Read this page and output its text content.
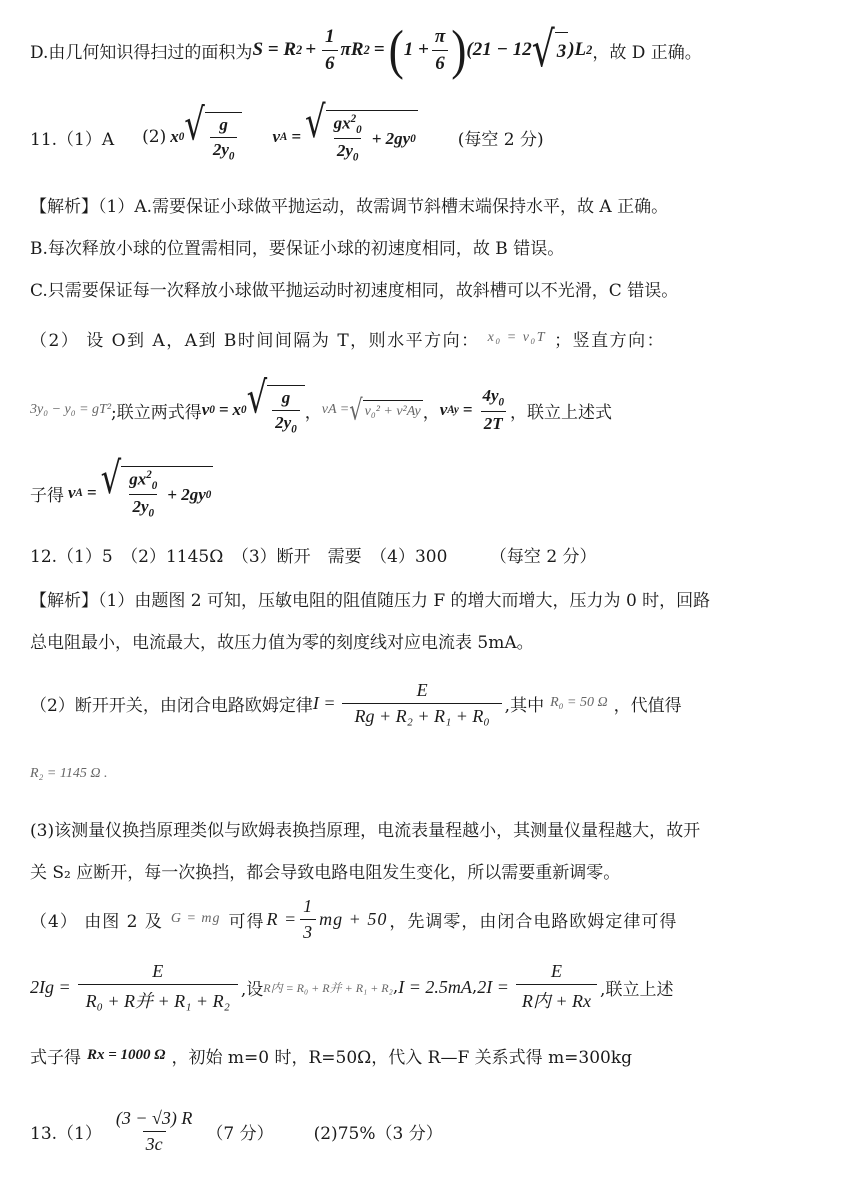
D.由几何知识得扫过的面积为 S = R $2 + \frac{1}{6}$ πR 2 = ( $1 + \frac{\pi}{6}$ ) (21 − 12 √ 3 )L 2 ，故 D 正确。
11.（1）A (2) x 0 √ $\frac{g}{2y_0}$ v A = √ $\frac{gx^2_0}{2y_0} + 2gy$ 0 (每空 2 分)
【解析】（1）A.需要保证小球做平抛运动，故需调节斜槽末端保持水平，故 A 正确。
B.每次释放小球的位置需相同，要保证小球的初速度相同，故 B 错误。
C.只需要保证每一次释放小球做平抛运动时初速度相同，故斜槽可以不光滑，C 错误。
（2） 设 O到 A，A到 B时间间隔为 T，则水平方向： x₀ = v₀T ；竖直方向：
3y₀ − y₀ = gT² ;联立两式得 v 0 = x 0 √ $\frac{g}{2y_0}$ ， vA = √ v₀² + v²Ay ， v $Ay = \frac{4y_0}{2T}$ ，联立上述式
子得 v A = √ $\frac{gx^2_0}{2y_0} + 2gy$ 0
12.（1）5　（2）1145Ω　（3）断开　需要　（4）300　　　（每空 2 分）
【解析】（1）由题图 2 可知，压敏电阻的阻值随压力 F 的增大而增大，压力为 0 时，回路
总电阻最小，电流最大，故压力值为零的刻度线对应电流表 5mA。
（2）断开开关，由闭合电路欧姆定律 $I = \frac{E}{\text{Rg + R₂ + R₁ + R₀}}$ ,其中 R₀ = 50 Ω ，代值得
R₂ = 1145 Ω .
(3)该测量仪换挡原理类似与欧姆表换挡原理，电流表量程越小，其测量仪量程越大，故开
关 S₂ 应断开，每一次换挡，都会导致电路电阻发生变化，所以需要重新调零。
（4） 由图 2 及 G = mg 可得 $R = \frac{1}{3}$ mg + 50 ，先调零，由闭合电路欧姆定律可得
$2Ig = \frac{E}{\text{R₀ + R并 + R₁ + R₂}}$ ,设 R内 = R₀ + R并 + R₁ + R₂ , I = 2.5mA , $2I = \frac{E}{\text{R内 + Rx}}$ ,联立上述
式子得 Rx = 1000 Ω ，初始 m=0 时，R=50Ω，代入 R—F 关系式得 m=300kg
$13.(1) \frac{(3 - √3) R}{3c} (7$ 分） (2)75%（3 分）
